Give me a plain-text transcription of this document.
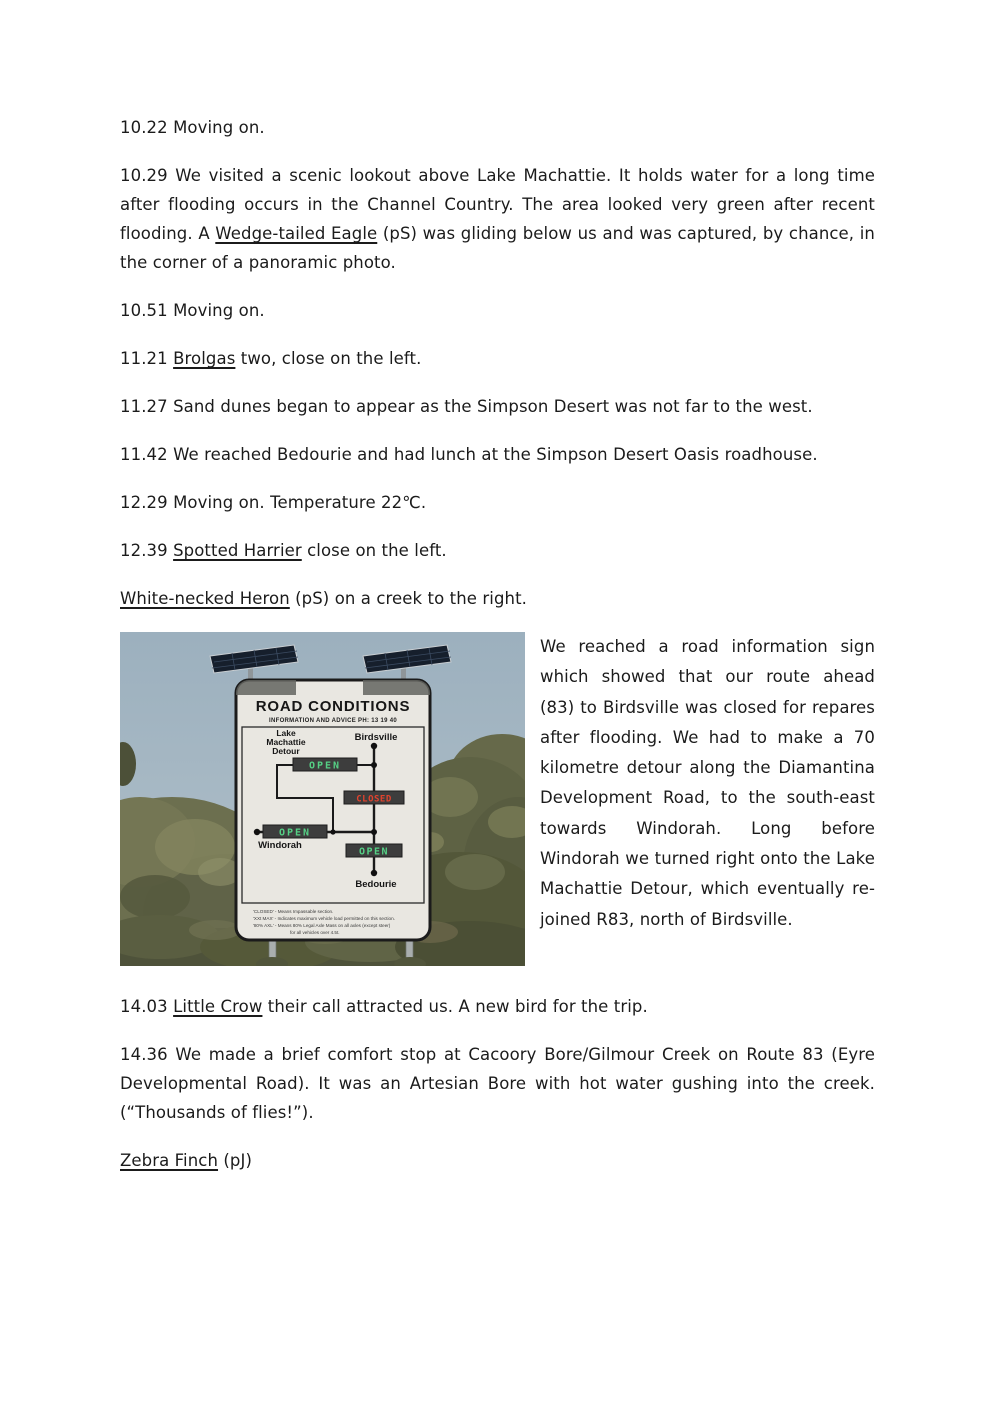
10.22 Moving on.

10.29 We visited a scenic lookout above Lake Machattie. It holds water for a long time after flooding occurs in the Channel Country. The area looked very green after recent flooding. A Wedge-tailed Eagle (pS) was gliding below us and was captured, by chance, in the corner of a panoramic photo.

10.51 Moving on.

11.21 Brolgas two, close on the left.

11.27 Sand dunes began to appear as the Simpson Desert was not far to the west.

11.42 We reached Bedourie and had lunch at the Simpson Desert Oasis roadhouse.

12.29 Moving on. Temperature 22℃.

12.39 Spotted Harrier close on the left.

White-necked Heron (pS) on a creek to the right.

ROAD CONDITIONS
INFORMATION AND ADVICE PH: 13 19 40
Birdsville
Lake
Machattie
Detour
Windorah
Bedourie
OPEN
CLOSED
OPEN
OPEN
'CLOSED' - Means Impassable section.
'XXt MAX' - Indicates maximum vehicle load permitted on this section.
'80% AXL' - Means 80% Legal Axle Mass on all axles (except steer)
for all vehicles over 4.5t.
We reached a road information sign which showed that our route ahead (83) to Birdsville was closed for repares after flooding. We had to make a 70 kilometre detour along the Diamantina Development Road, to the south-east towards Windorah. Long before Windorah we turned right onto the Lake Machattie Detour, which eventually re-joined R83, north of Birdsville.

14.03 Little Crow their call attracted us. A new bird for the trip.

14.36 We made a brief comfort stop at Cacoory Bore/Gilmour Creek on Route 83 (Eyre Developmental Road). It was an Artesian Bore with hot water gushing into the creek. (“Thousands of flies!”).

Zebra Finch (pJ)
